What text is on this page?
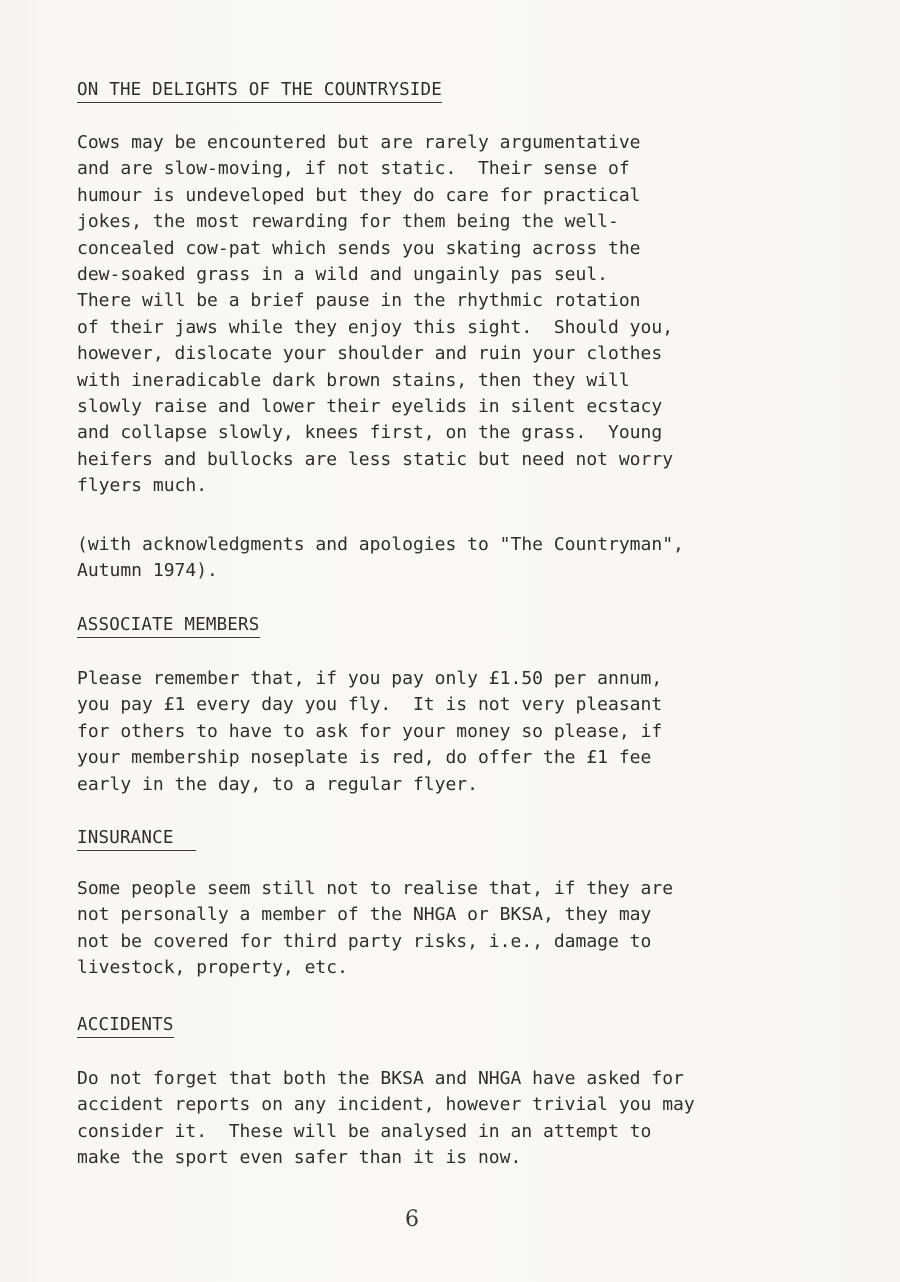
ON THE DELIGHTS OF THE COUNTRYSIDE
Cows may be encountered but are rarely argumentative
and are slow-moving, if not static.  Their sense of
humour is undeveloped but they do care for practical
jokes, the most rewarding for them being the well-
concealed cow-pat which sends you skating across the
dew-soaked grass in a wild and ungainly pas seul.
There will be a brief pause in the rhythmic rotation
of their jaws while they enjoy this sight.  Should you,
however, dislocate your shoulder and ruin your clothes
with ineradicable dark brown stains, then they will
slowly raise and lower their eyelids in silent ecstacy
and collapse slowly, knees first, on the grass.  Young
heifers and bullocks are less static but need not worry
flyers much.
(with acknowledgments and apologies to "The Countryman",
Autumn 1974).
ASSOCIATE MEMBERS
Please remember that, if you pay only £1.50 per annum,
you pay £1 every day you fly.  It is not very pleasant
for others to have to ask for your money so please, if
your membership noseplate is red, do offer the £1 fee
early in the day, to a regular flyer.
INSURANCE
Some people seem still not to realise that, if they are
not personally a member of the NHGA or BKSA, they may
not be covered for third party risks, i.e., damage to
livestock, property, etc.
ACCIDENTS
Do not forget that both the BKSA and NHGA have asked for
accident reports on any incident, however trivial you may
consider it.  These will be analysed in an attempt to
make the sport even safer than it is now.
6
